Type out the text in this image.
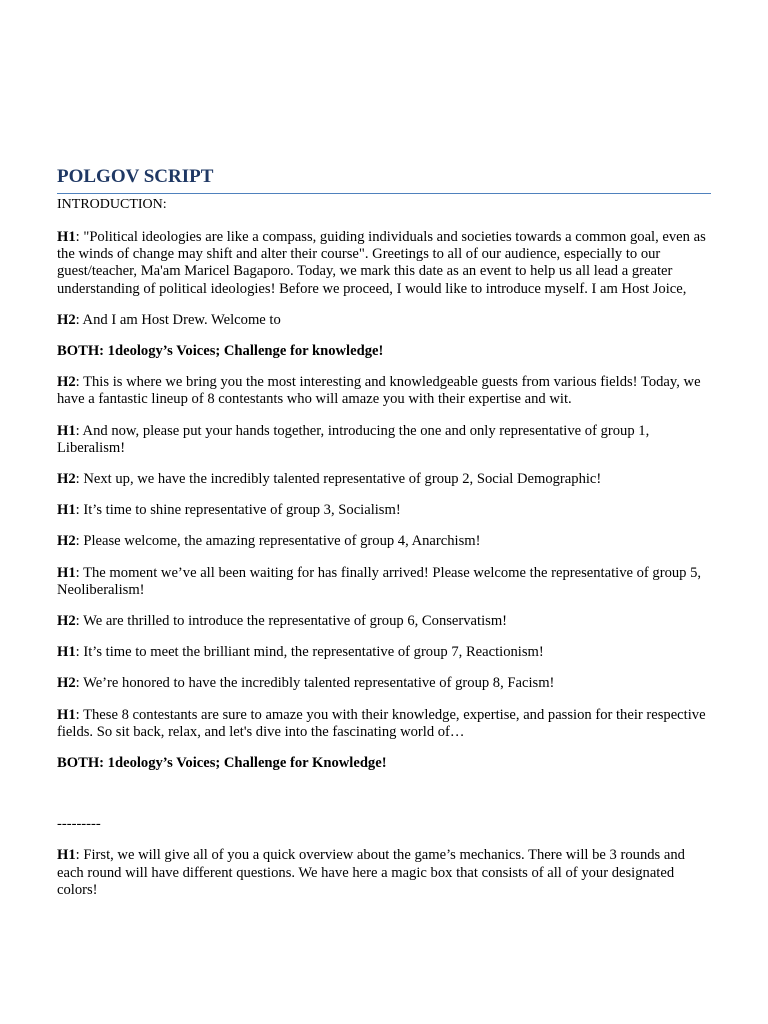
POLGOV SCRIPT
INTRODUCTION:

H1: "Political ideologies are like a compass, guiding individuals and societies towards a common goal, even as the winds of change may shift and alter their course". Greetings to all of our audience, especially to our guest/teacher, Ma'am Maricel Bagaporo. Today, we mark this date as an event to help us all lead a greater understanding of political ideologies! Before we proceed, I would like to introduce myself. I am Host Joice,

H2: And I am Host Drew. Welcome to

BOTH: 1deology’s Voices; Challenge for knowledge!

H2: This is where we bring you the most interesting and knowledgeable guests from various fields! Today, we have a fantastic lineup of 8 contestants who will amaze you with their expertise and wit.

H1: And now, please put your hands together, introducing the one and only representative of group 1, Liberalism!

H2: Next up, we have the incredibly talented representative of group 2, Social Demographic!

H1: It’s time to shine representative of group 3, Socialism!

H2: Please welcome, the amazing representative of group 4, Anarchism!

H1: The moment we’ve all been waiting for has finally arrived! Please welcome the representative of group 5, Neoliberalism!

H2: We are thrilled to introduce the representative of group 6, Conservatism!

H1: It’s time to meet the brilliant mind, the representative of group 7, Reactionism!

H2: We’re honored to have the incredibly talented representative of group 8, Facism!

H1: These 8 contestants are sure to amaze you with their knowledge, expertise, and passion for their respective fields. So sit back, relax, and let's dive into the fascinating world of…

BOTH: 1deology’s Voices; Challenge for Knowledge!

---------

H1: First, we will give all of you a quick overview about the game’s mechanics. There will be 3 rounds and each round will have different questions. We have here a magic box that consists of all of your designated colors!
